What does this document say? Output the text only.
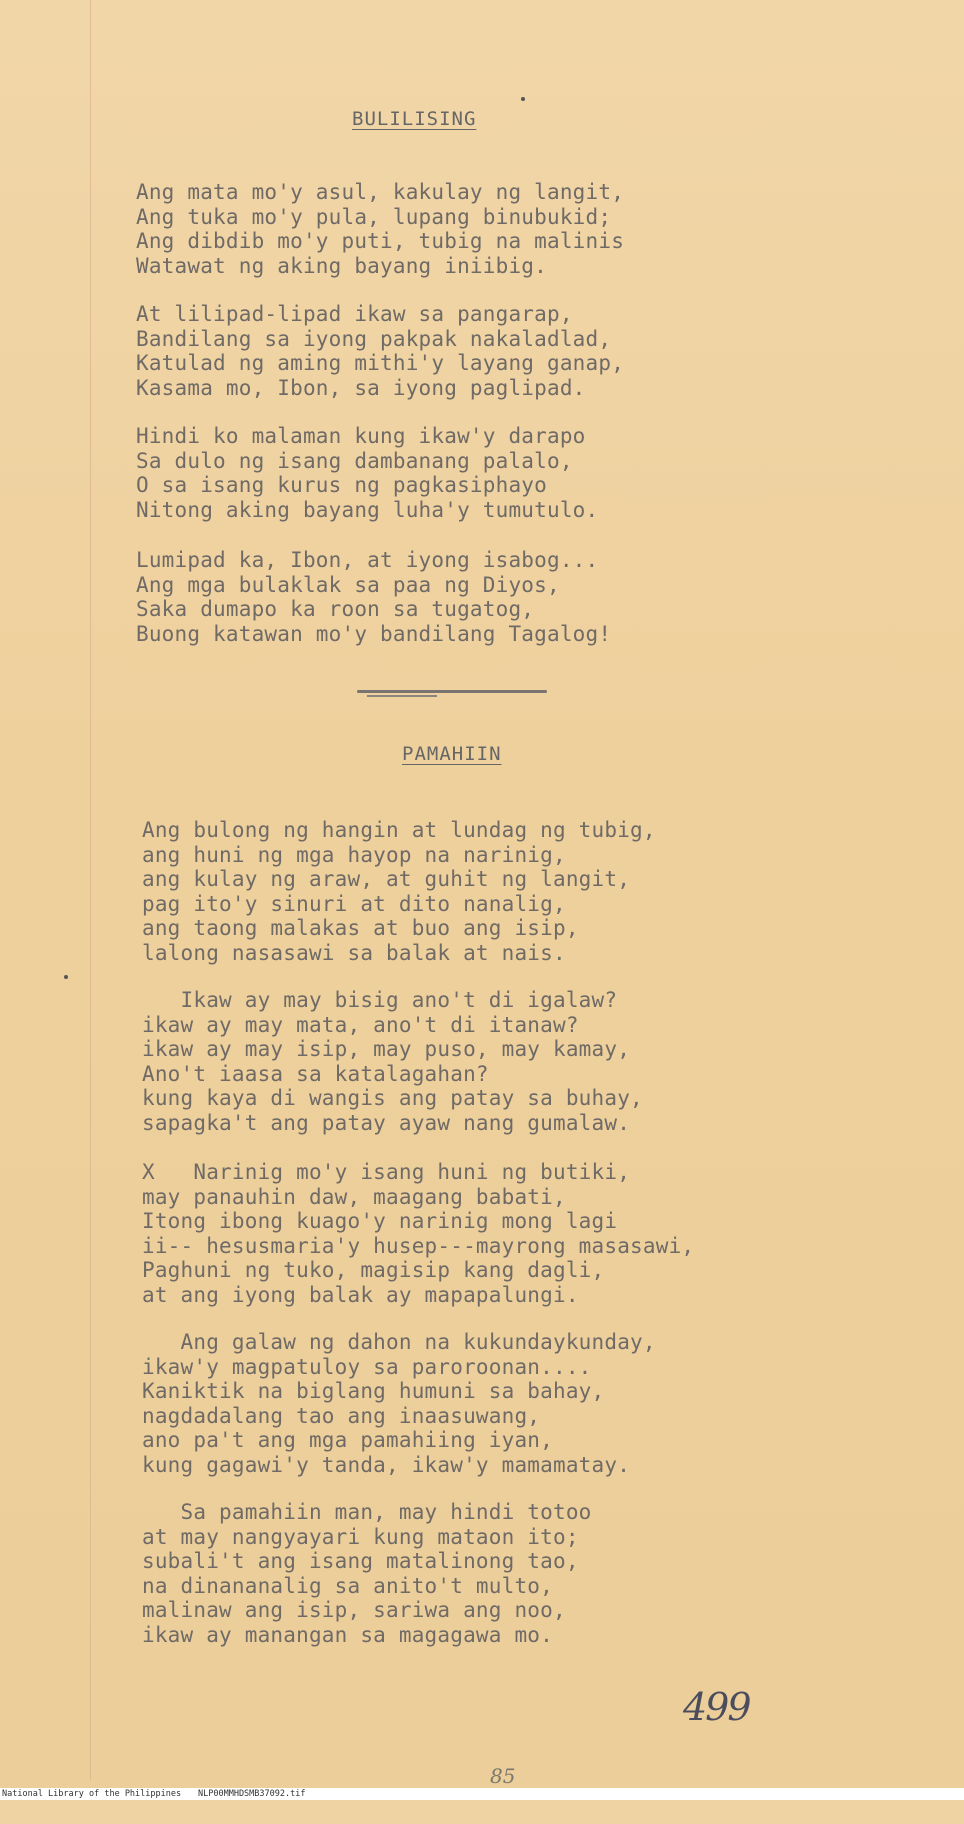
BULILISING
Ang mata mo'y asul, kakulay ng langit,
Ang tuka mo'y pula, lupang binubukid;
Ang dibdib mo'y puti, tubig na malinis
Watawat ng aking bayang iniibig.
At lilipad-lipad ikaw sa pangarap,
Bandilang sa iyong pakpak nakaladlad,
Katulad ng aming mithi'y layang ganap,
Kasama mo, Ibon, sa iyong paglipad.
Hindi ko malaman kung ikaw'y darapo
Sa dulo ng isang dambanang palalo,
O sa isang kurus ng pagkasiphayo
Nitong aking bayang luha'y tumutulo.
Lumipad ka, Ibon, at iyong isabog...
Ang mga bulaklak sa paa ng Diyos,
Saka dumapo ka roon sa tugatog,
Buong katawan mo'y bandilang Tagalog!
PAMAHIIN
Ang bulong ng hangin at lundag ng tubig,
ang huni ng mga hayop na narinig,
ang kulay ng araw, at guhit ng langit,
pag ito'y sinuri at dito nanalig,
ang taong malakas at buo ang isip,
lalong nasasawi sa balak at nais.
Ikaw ay may bisig ano't di igalaw?
ikaw ay may mata, ano't di itanaw?
ikaw ay may isip, may puso, may kamay,
Ano't iaasa sa katalagahan?
kung kaya di wangis ang patay sa buhay,
sapagka't ang patay ayaw nang gumalaw.
X   Narinig mo'y isang huni ng butiki,
may panauhin daw, maagang babati,
Itong ibong kuago'y narinig mong lagi
ii-- hesusmaria'y husep---mayrong masasawi,
Paghuni ng tuko, magisip kang dagli,
at ang iyong balak ay mapapalungi.
Ang galaw ng dahon na kukundaykunday,
ikaw'y magpatuloy sa paroroonan....
Kaniktik na biglang humuni sa bahay,
nagdadalang tao ang inaasuwang,
ano pa't ang mga pamahiing iyan,
kung gagawi'y tanda, ikaw'y mamamatay.
Sa pamahiin man, may hindi totoo
at may nangyayari kung mataon ito;
subali't ang isang matalinong tao,
na dinananalig sa anito't multo,
malinaw ang isip, sariwa ang noo,
ikaw ay manangan sa magagawa mo.
499
85

National Library of the Philippines

NLP00MMHDSMB37092.tif
